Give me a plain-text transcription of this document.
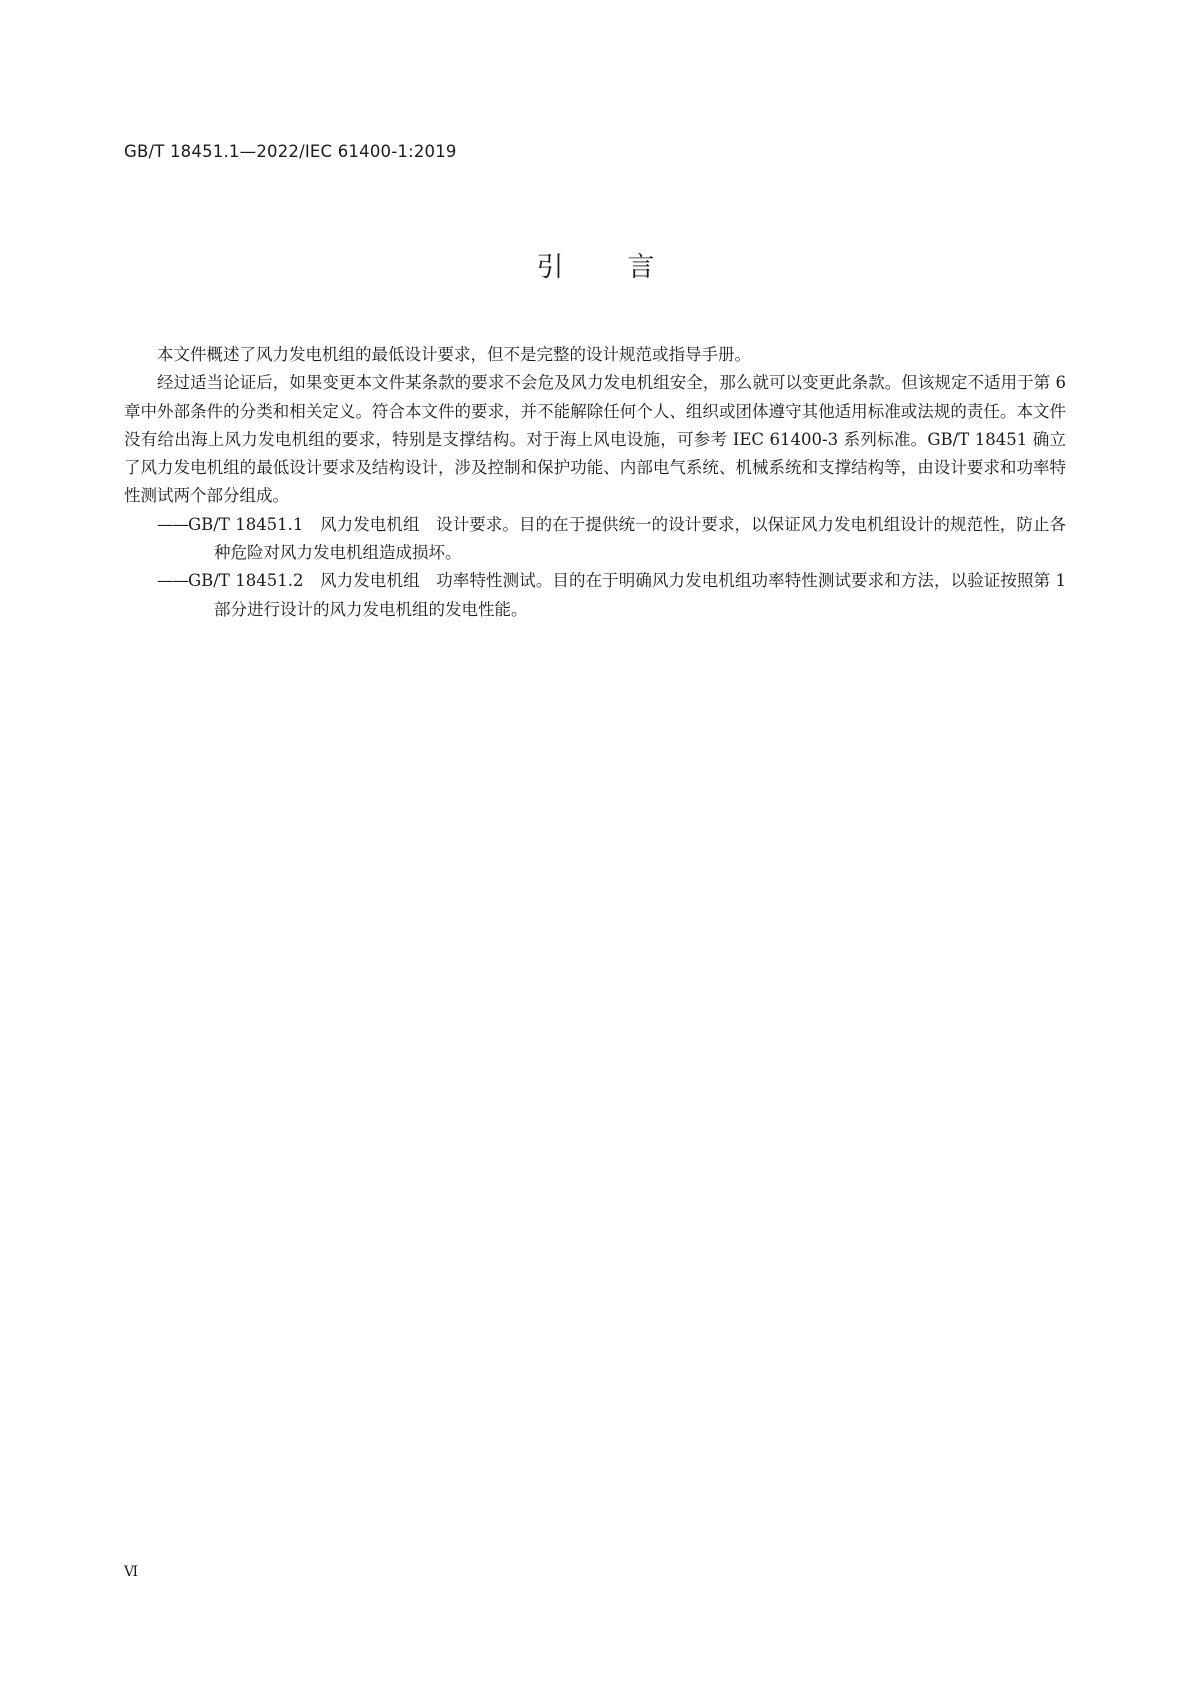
GB/T 18451.1—2022/IEC 61400-1:2019
引言

本文件概述了风力发电机组的最低设计要求，但不是完整的设计规范或指导手册。

经过适当论证后，如果变更本文件某条款的要求不会危及风力发电机组安全，那么就可以变更此条款。但该规定不适用于第 6 章中外部条件的分类和相关定义。符合本文件的要求，并不能解除任何个人、组织或团体遵守其他适用标准或法规的责任。本文件没有给出海上风力发电机组的要求，特别是支撑结构。对于海上风电设施，可参考 IEC 61400-3 系列标准。GB/T 18451 确立了风力发电机组的最低设计要求及结构设计，涉及控制和保护功能、内部电气系统、机械系统和支撑结构等，由设计要求和功率特性测试两个部分组成。

——GB/T 18451.1　风力发电机组　设计要求。目的在于提供统一的设计要求，以保证风力发电机组设计的规范性，防止各种危险对风力发电机组造成损坏。

——GB/T 18451.2　风力发电机组　功率特性测试。目的在于明确风力发电机组功率特性测试要求和方法，以验证按照第 1 部分进行设计的风力发电机组的发电性能。

Ⅵ
